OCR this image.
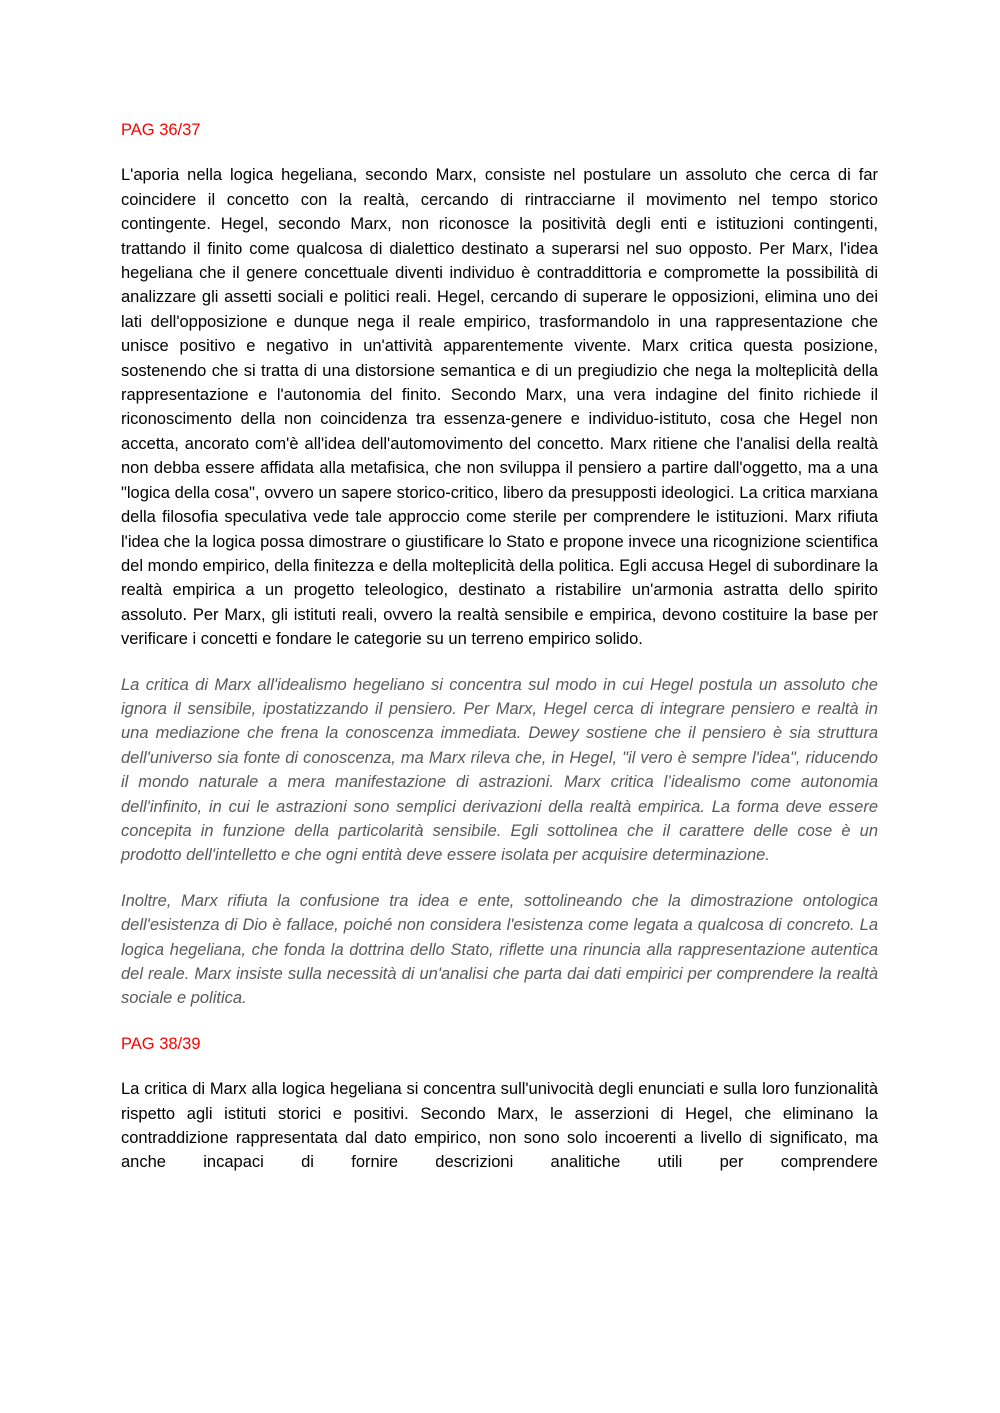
PAG 36/37

L'aporia nella logica hegeliana, secondo Marx, consiste nel postulare un assoluto che cerca di far coincidere il concetto con la realtà, cercando di rintracciarne il movimento nel tempo storico contingente. Hegel, secondo Marx, non riconosce la positività degli enti e istituzioni contingenti, trattando il finito come qualcosa di dialettico destinato a superarsi nel suo opposto. Per Marx, l'idea hegeliana che il genere concettuale diventi individuo è contraddittoria e compromette la possibilità di analizzare gli assetti sociali e politici reali. Hegel, cercando di superare le opposizioni, elimina uno dei lati dell'opposizione e dunque nega il reale empirico, trasformandolo in una rappresentazione che unisce positivo e negativo in un'attività apparentemente vivente. Marx critica questa posizione, sostenendo che si tratta di una distorsione semantica e di un pregiudizio che nega la molteplicità della rappresentazione e l'autonomia del finito. Secondo Marx, una vera indagine del finito richiede il riconoscimento della non coincidenza tra essenza-genere e individuo-istituto, cosa che Hegel non accetta, ancorato com'è all'idea dell'automovimento del concetto. Marx ritiene che l'analisi della realtà non debba essere affidata alla metafisica, che non sviluppa il pensiero a partire dall'oggetto, ma a una "logica della cosa", ovvero un sapere storico-critico, libero da presupposti ideologici. La critica marxiana della filosofia speculativa vede tale approccio come sterile per comprendere le istituzioni. Marx rifiuta l'idea che la logica possa dimostrare o giustificare lo Stato e propone invece una ricognizione scientifica del mondo empirico, della finitezza e della molteplicità della politica. Egli accusa Hegel di subordinare la realtà empirica a un progetto teleologico, destinato a ristabilire un'armonia astratta dello spirito assoluto. Per Marx, gli istituti reali, ovvero la realtà sensibile e empirica, devono costituire la base per verificare i concetti e fondare le categorie su un terreno empirico solido.

La critica di Marx all'idealismo hegeliano si concentra sul modo in cui Hegel postula un assoluto che ignora il sensibile, ipostatizzando il pensiero. Per Marx, Hegel cerca di integrare pensiero e realtà in una mediazione che frena la conoscenza immediata. Dewey sostiene che il pensiero è sia struttura dell'universo sia fonte di conoscenza, ma Marx rileva che, in Hegel, "il vero è sempre l'idea", riducendo il mondo naturale a mera manifestazione di astrazioni. Marx critica l’idealismo come autonomia dell'infinito, in cui le astrazioni sono semplici derivazioni della realtà empirica. La forma deve essere concepita in funzione della particolarità sensibile. Egli sottolinea che il carattere delle cose è un prodotto dell'intelletto e che ogni entità deve essere isolata per acquisire determinazione.

Inoltre, Marx rifiuta la confusione tra idea e ente, sottolineando che la dimostrazione ontologica dell'esistenza di Dio è fallace, poiché non considera l'esistenza come legata a qualcosa di concreto. La logica hegeliana, che fonda la dottrina dello Stato, riflette una rinuncia alla rappresentazione autentica del reale. Marx insiste sulla necessità di un'analisi che parta dai dati empirici per comprendere la realtà sociale e politica.

PAG 38/39

La critica di Marx alla logica hegeliana si concentra sull'univocità degli enunciati e sulla loro funzionalità rispetto agli istituti storici e positivi. Secondo Marx, le asserzioni di Hegel, che eliminano la contraddizione rappresentata dal dato empirico, non sono solo incoerenti a livello di significato, ma anche incapaci di fornire descrizioni analitiche utili per comprendere
